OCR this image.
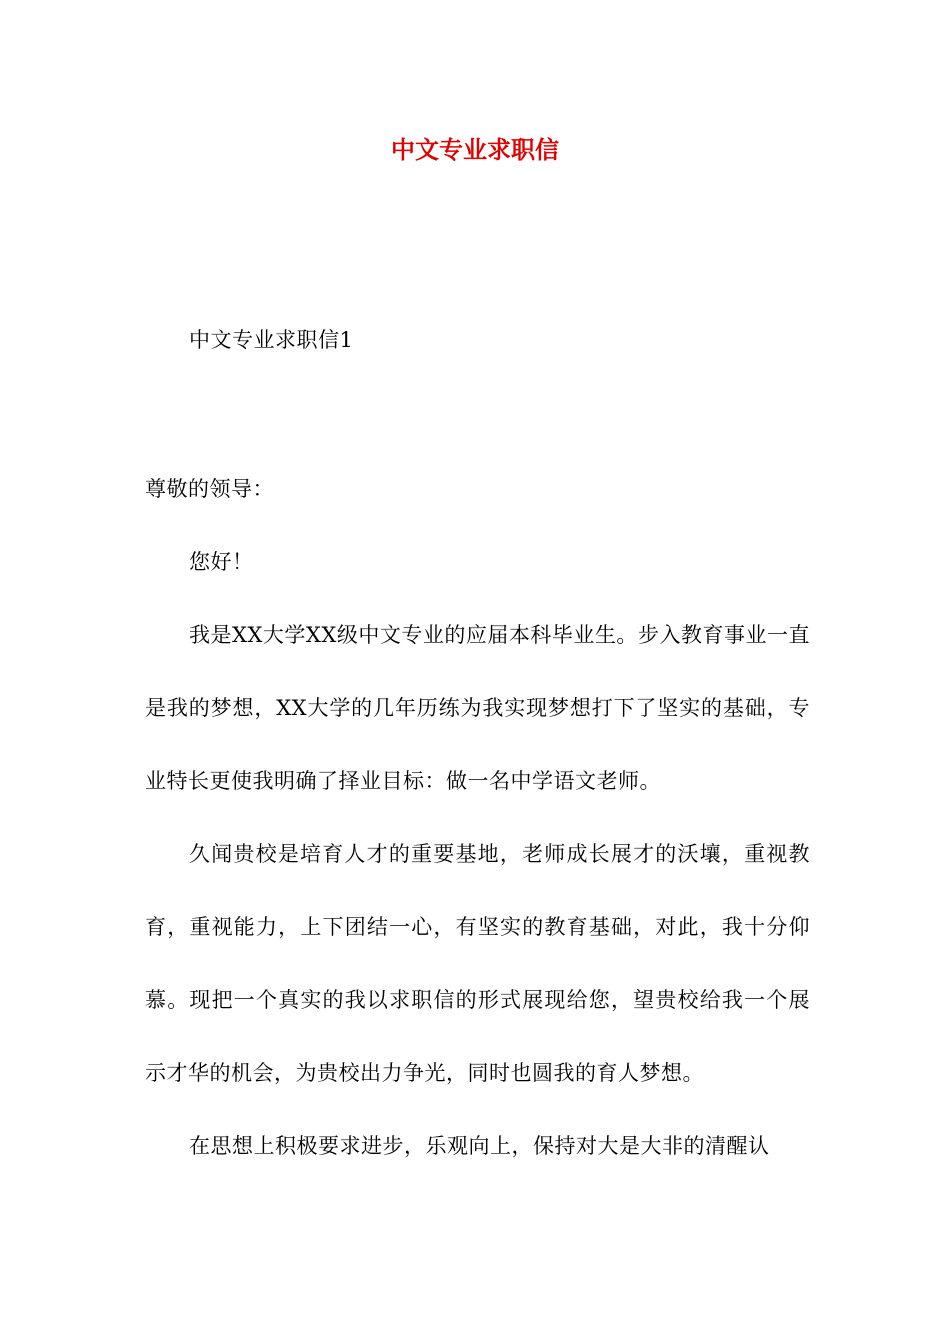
中文专业求职信

中文专业求职信1

尊敬的领导：

您好！

我是XX大学XX级中文专业的应届本科毕业生。步入教育事业一直是我的梦想，XX大学的几年历练为我实现梦想打下了坚实的基础，专业特长更使我明确了择业目标：做一名中学语文老师。

久闻贵校是培育人才的重要基地，老师成长展才的沃壤，重视教育，重视能力，上下团结一心，有坚实的教育基础，对此，我十分仰慕。现把一个真实的我以求职信的形式展现给您，望贵校给我一个展示才华的机会，为贵校出力争光，同时也圆我的育人梦想。

在思想上积极要求进步，乐观向上，保持对大是大非的清醒认
